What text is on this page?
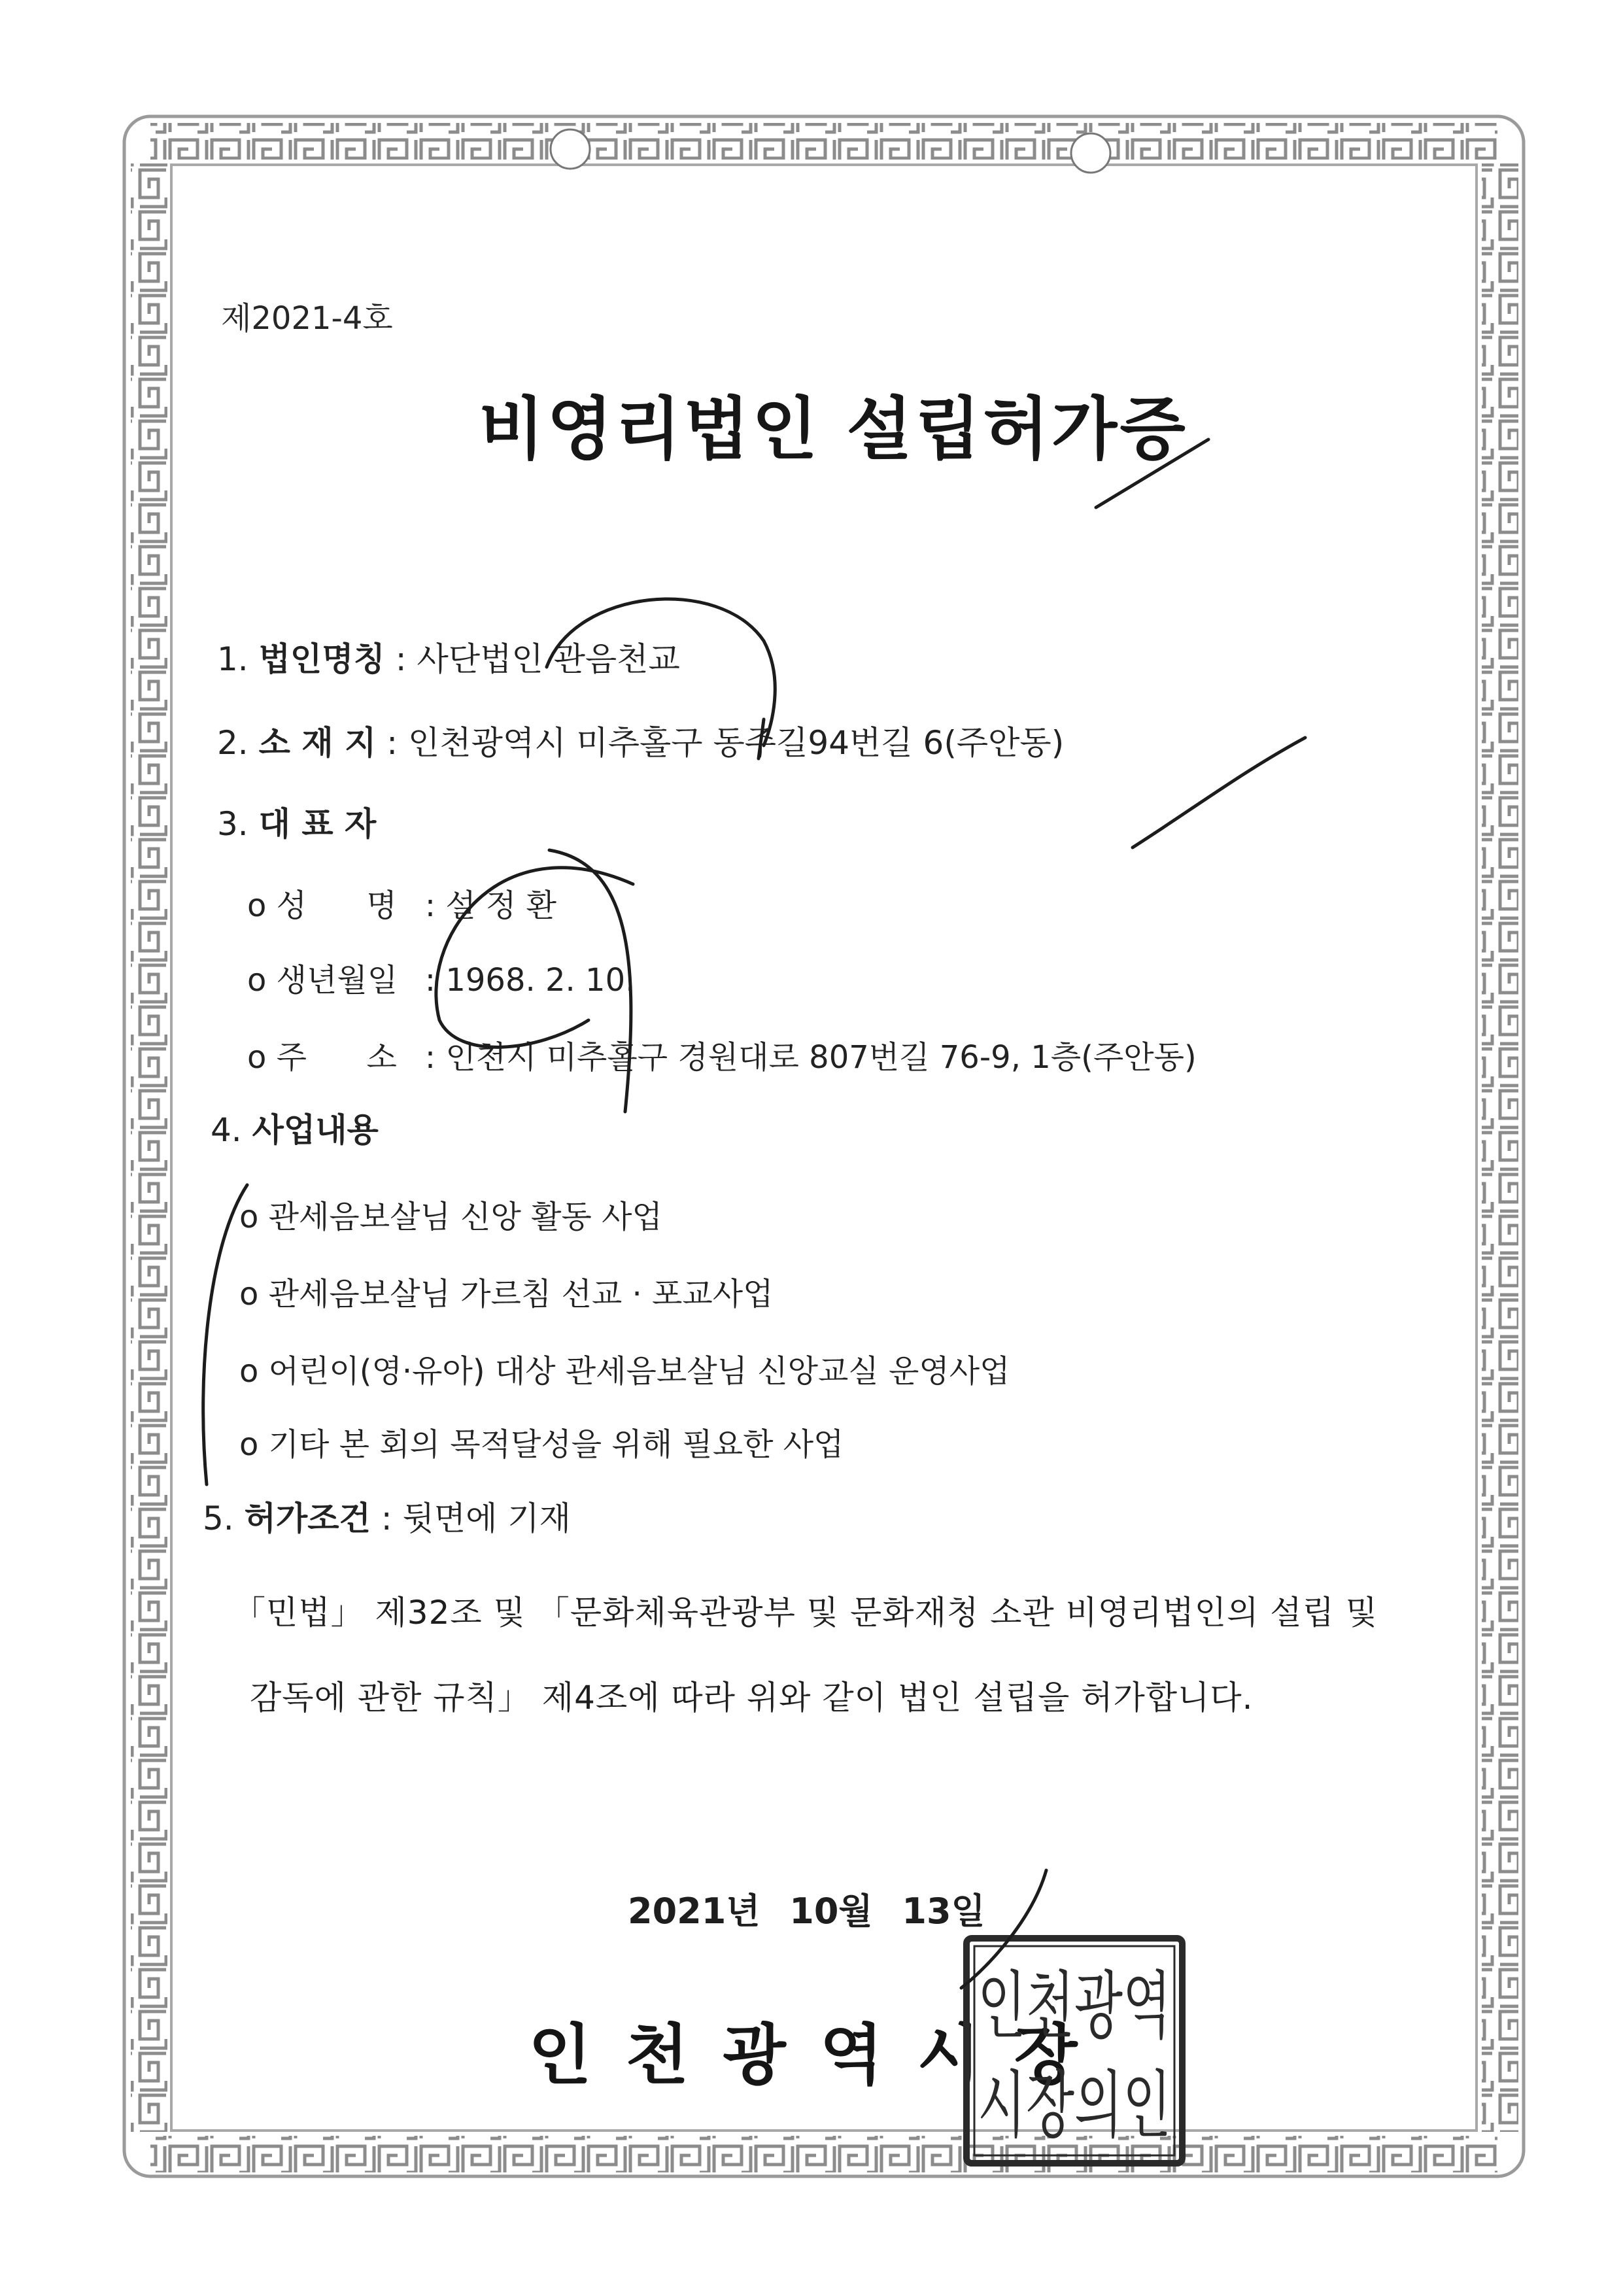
제2021-4호
비영리법인 설립허가증
1. 법인명칭 : 사단법인 관음천교
2. 소 재 지 : 인천광역시 미추홀구 동주길94번길 6(주안동)
3. 대 표 자
o 성      명 : 설 정 환
o 생년월일 : 1968. 2. 10.
o 주      소 : 인천시 미추홀구 경원대로 807번길 76-9, 1층(주안동)
4. 사업내용
o 관세음보살님 신앙 활동 사업
o 관세음보살님 가르침 선교 · 포교사업
o 어린이(영·유아) 대상 관세음보살님 신앙교실 운영사업
o 기타 본 회의 목적달성을 위해 필요한 사업
5. 허가조건 : 뒷면에 기재
「민법」 제32조 및 「문화체육관광부 및 문화재청 소관 비영리법인의 설립 및
감독에 관한 규칙」 제4조에 따라 위와 같이 법인 설립을 허가합니다.
2021년 10월 13일
인천광역시장
인천광역
시장의인
